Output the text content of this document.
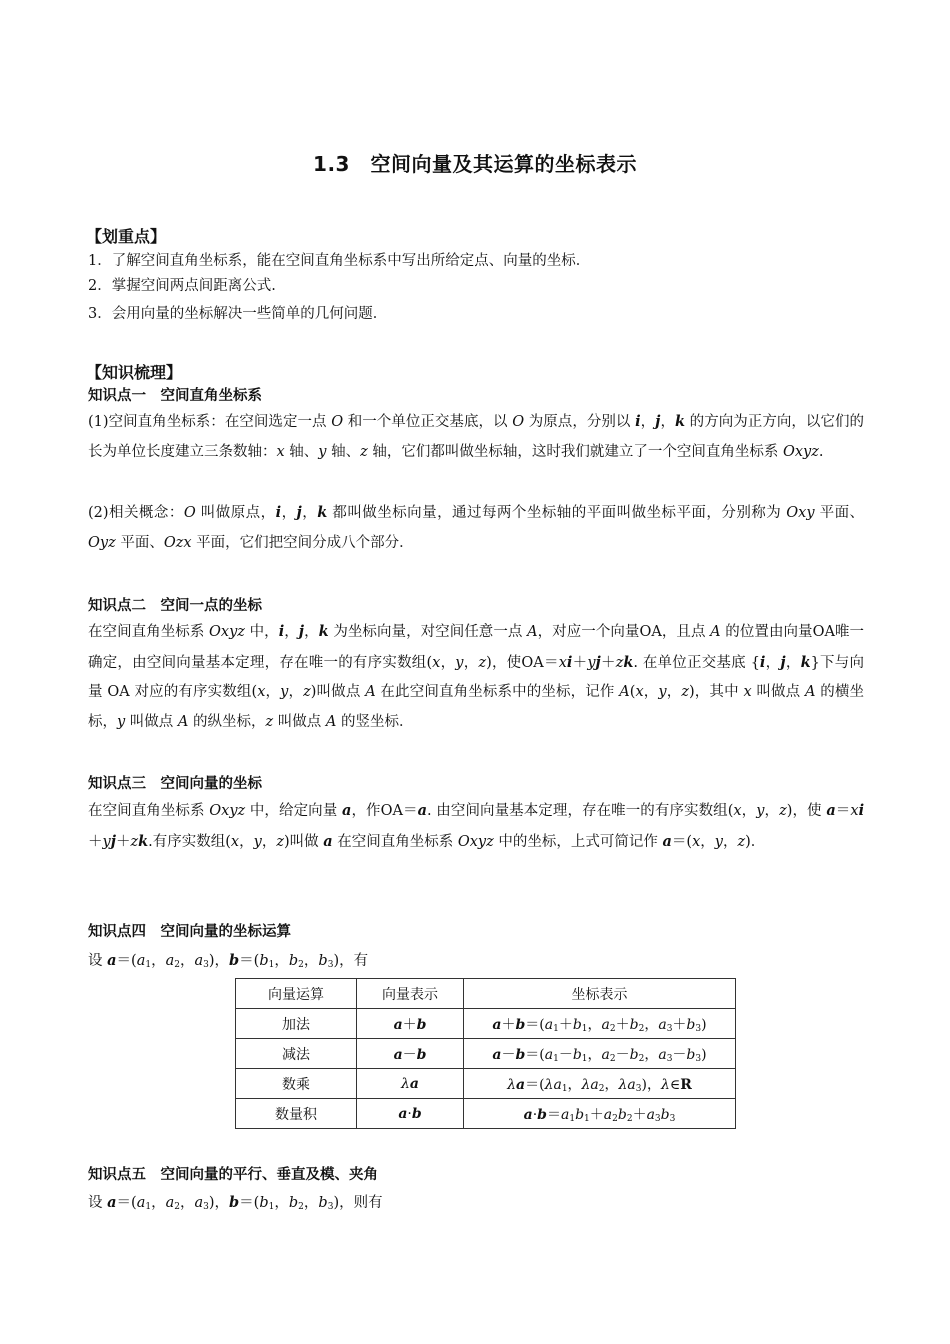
1.3　空间向量及其运算的坐标表示
【划重点】
1．了解空间直角坐标系，能在空间直角坐标系中写出所给定点、向量的坐标．
2．掌握空间两点间距离公式.
3．会用向量的坐标解决一些简单的几何问题．
【知识梳理】
知识点一　空间直角坐标系
(1)空间直角坐标系：在空间选定一点 O 和一个单位正交基底，以 O 为原点，分别以 i，j，k 的方向为正方向，以它们的长为单位长度建立三条数轴：x 轴、y 轴、z 轴，它们都叫做坐标轴，这时我们就建立了一个空间直角坐标系 Oxyz.
(2)相关概念：O 叫做原点，i，j，k 都叫做坐标向量，通过每两个坐标轴的平面叫做坐标平面，分别称为 Oxy 平面、Oyz 平面、Ozx 平面，它们把空间分成八个部分．
知识点二　空间一点的坐标
在空间直角坐标系 Oxyz 中，i，j，k 为坐标向量，对空间任意一点 A，对应一个向量OA，且点 A 的位置由向量OA唯一确定，由空间向量基本定理，存在唯一的有序实数组(x，y，z)，使OA＝xi＋yj＋zk. 在单位正交基底 {i，j，k}下与向量 OA 对应的有序实数组(x，y，z)叫做点 A 在此空间直角坐标系中的坐标，记作 A(x，y，z)，其中 x 叫做点 A 的横坐标，y 叫做点 A 的纵坐标，z 叫做点 A 的竖坐标．
知识点三　空间向量的坐标
在空间直角坐标系 Oxyz 中，给定向量 a，作OA＝a. 由空间向量基本定理，存在唯一的有序实数组(x，y，z)，使 a＝xi＋yj＋zk.有序实数组(x，y，z)叫做 a 在空间直角坐标系 Oxyz 中的坐标，上式可简记作 a＝(x，y，z)．
知识点四　空间向量的坐标运算
设 $a=(a_1$，$a_2$，$a_3$)，$b=(b_1$，$b_2$，$b_3$)，有
向量运算	向量表示	坐标表示
加法	a＋b	$a+b=(a_1+b_1$，$a_2+b_2$，$a_3+b_3$)
减法	a－b	$a-b=(a_1-b_1$，$a_2-b_2$，$a_3-b_3$)
数乘	λa	$\lambda a=(\lambda a_1$，$\lambda a_2$，$\lambda a_3$)，λ∈R
数量积	a·b	$a\cdot b=a_1b_1+a_2b_2+a_3b_3$
知识点五　空间向量的平行、垂直及模、夹角
设 $a=(a_1$，$a_2$，$a_3$)，$b=(b_1$，$b_2$，$b_3$)，则有
